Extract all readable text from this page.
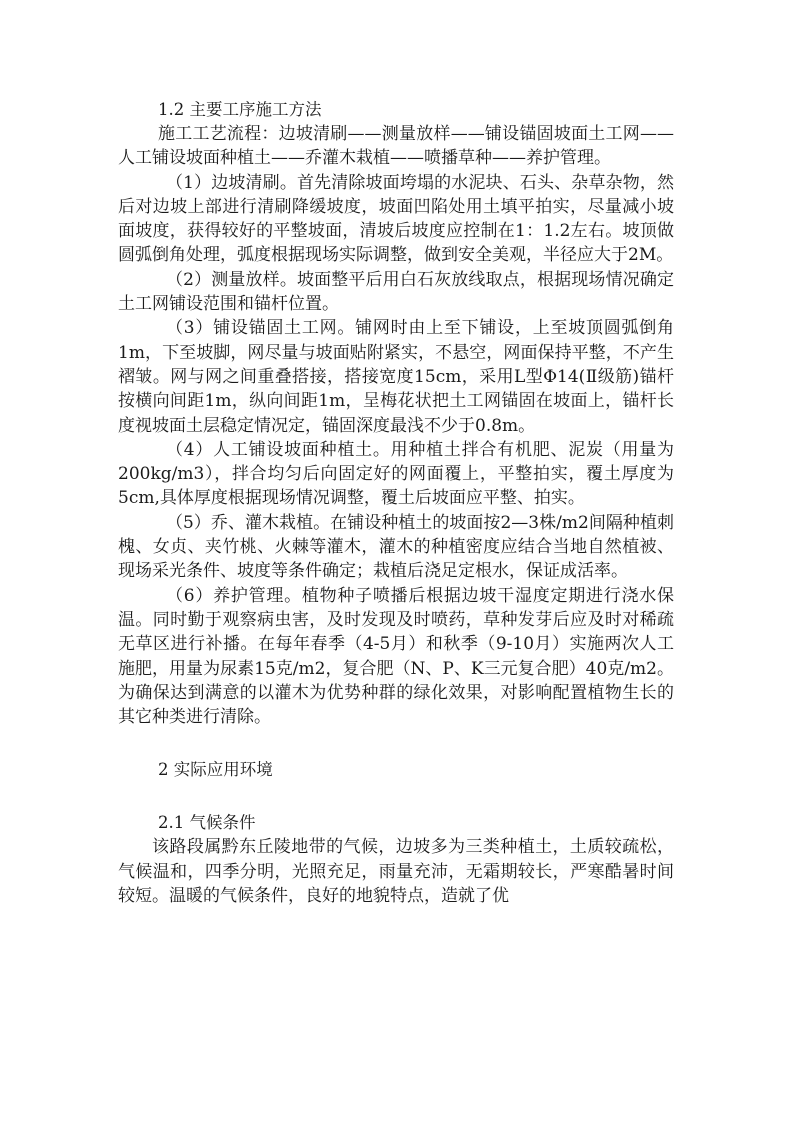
1.2 主要工序施工方法

施工工艺流程：边坡清刷——测量放样——铺设锚固坡面土工网——人工铺设坡面种植土——乔灌木栽植——喷播草种——养护管理。

（1）边坡清刷。首先清除坡面垮塌的水泥块、石头、杂草杂物，然后对边坡上部进行清刷降缓坡度，坡面凹陷处用土填平拍实，尽量减小坡面坡度，获得较好的平整坡面，清坡后坡度应控制在1：1.2左右。坡顶做圆弧倒角处理，弧度根据现场实际调整，做到安全美观，半径应大于2M。

（2）测量放样。坡面整平后用白石灰放线取点，根据现场情况确定土工网铺设范围和锚杆位置。

（3）铺设锚固土工网。铺网时由上至下铺设，上至坡顶圆弧倒角1m，下至坡脚，网尽量与坡面贴附紧实，不悬空，网面保持平整，不产生褶皱。网与网之间重叠搭接，搭接宽度15cm，采用L型Φ14(Ⅱ级筋)锚杆按横向间距1m，纵向间距1m，呈梅花状把土工网锚固在坡面上，锚杆长度视坡面土层稳定情况定，锚固深度最浅不少于0.8m。

（4）人工铺设坡面种植土。用种植土拌合有机肥、泥炭（用量为200kg/m3），拌合均匀后向固定好的网面覆上，平整拍实，覆土厚度为5cm,具体厚度根据现场情况调整，覆土后坡面应平整、拍实。

（5）乔、灌木栽植。在铺设种植土的坡面按2—3株/m2间隔种植刺槐、女贞、夹竹桃、火棘等灌木，灌木的种植密度应结合当地自然植被、现场采光条件、坡度等条件确定；栽植后浇足定根水，保证成活率。

（6）养护管理。植物种子喷播后根据边坡干湿度定期进行浇水保温。同时勤于观察病虫害，及时发现及时喷药，草种发芽后应及时对稀疏无草区进行补播。在每年春季（4-5月）和秋季（9-10月）实施两次人工施肥，用量为尿素15克/m2，复合肥（N、P、K三元复合肥）40克/m2。为确保达到满意的以灌木为优势种群的绿化效果，对影响配置植物生长的其它种类进行清除。

2 实际应用环境
2.1 气候条件

该路段属黔东丘陵地带的气候，边坡多为三类种植土，土质较疏松，气候温和，四季分明，光照充足，雨量充沛，无霜期较长，严寒酷暑时间较短。温暖的气候条件，良好的地貌特点，造就了优
